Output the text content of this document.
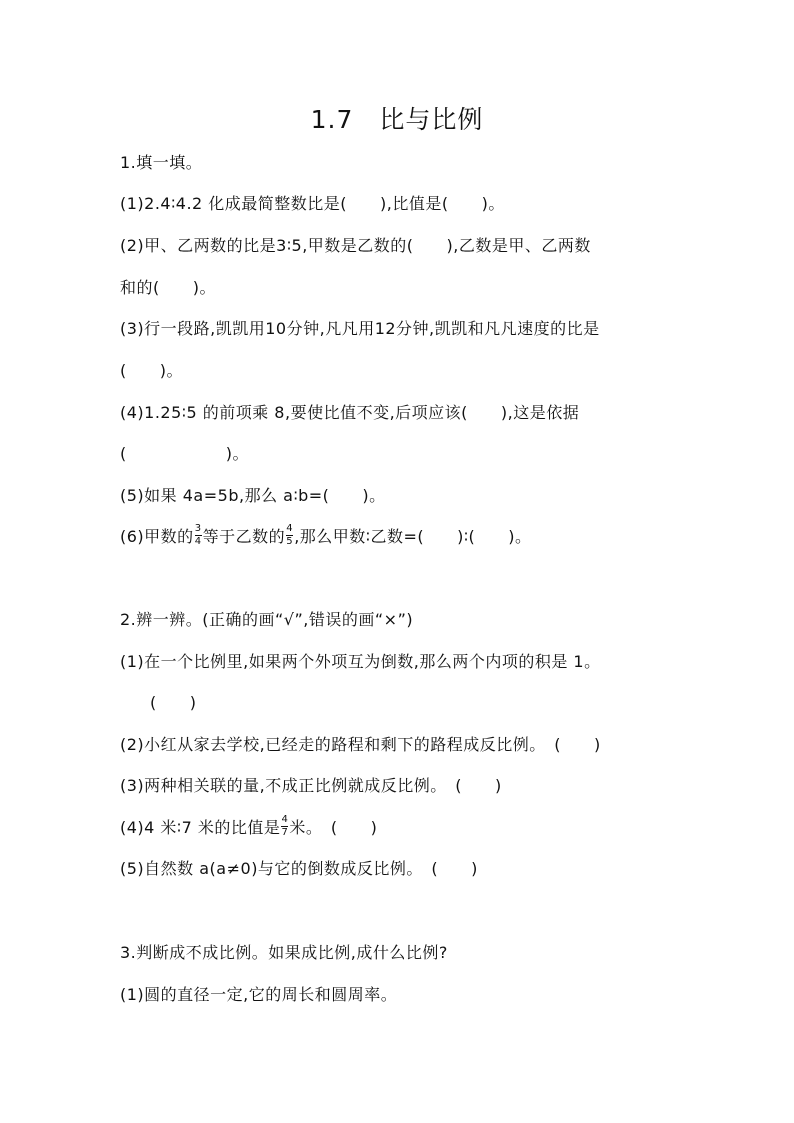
1.7　比与比例
1.填一填。
(1)2.4∶4.2 化成最简整数比是(　　),比值是(　　)。
(2)甲、乙两数的比是3∶5,甲数是乙数的(　　),乙数是甲、乙两数
和的(　　)。
(3)行一段路,凯凯用10分钟,凡凡用12分钟,凯凯和凡凡速度的比是
(　　)。
(4)1.25∶5 的前项乘 8,要使比值不变,后项应该(　　),这是依据
(　　　　　　)。
(5)如果 4a=5b,那么 a∶b=(　　)。
(6)甲数的 $\frac{3}{4}$ 等于乙数的 $\frac{4}{5}$ ,那么甲数∶乙数=(　　)∶(　　)。
2.辨一辨。(正确的画“√”,错误的画“×”)
(1)在一个比例里,如果两个外项互为倒数,那么两个内项的积是 1。
(　　)
(2)小红从家去学校,已经走的路程和剩下的路程成反比例。　(　　)
(3)两种相关联的量,不成正比例就成反比例。　(　　)
(4)4 米∶7 米的比值是 $\frac{4}{7}$ 米。　(　　)
(5)自然数 a(a≠0)与它的倒数成反比例。　(　　)
3.判断成不成比例。如果成比例,成什么比例?
(1)圆的直径一定,它的周长和圆周率。
